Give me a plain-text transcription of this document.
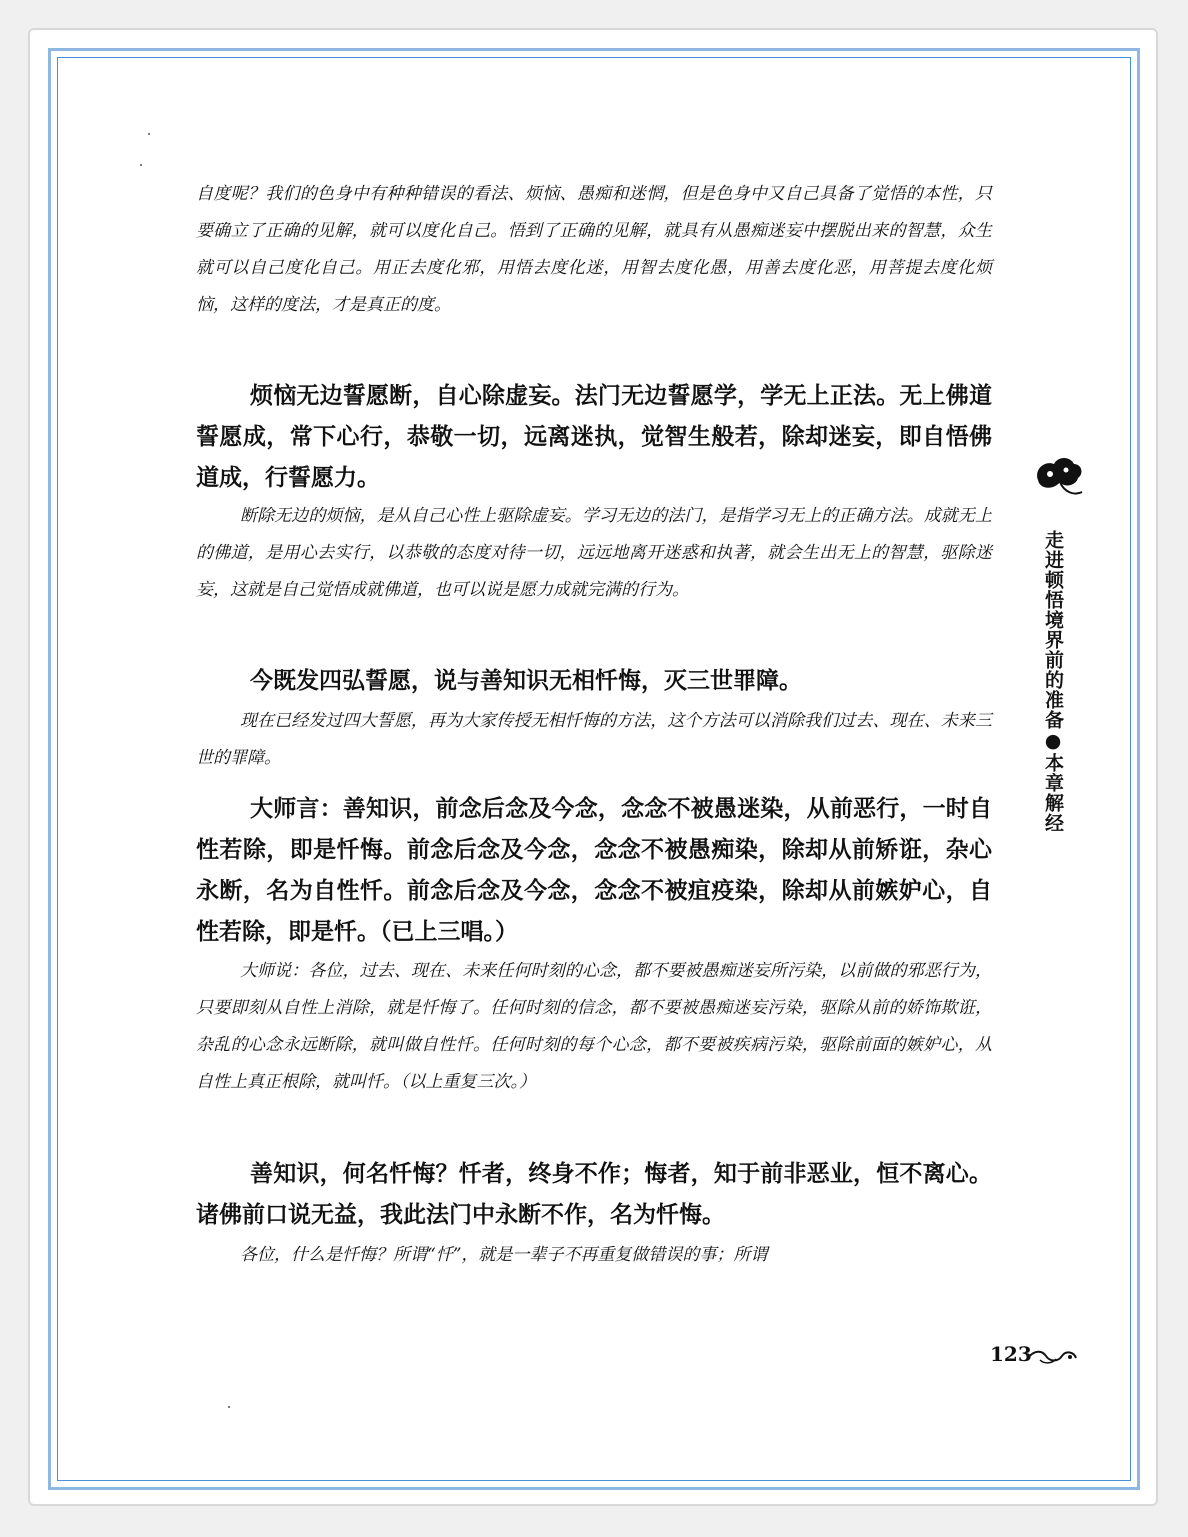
自度呢？我们的色身中有种种错误的看法、烦恼、愚痴和迷惘，但是色身中又自己具备了觉悟的本性，只要确立了正确的见解，就可以度化自己。悟到了正确的见解，就具有从愚痴迷妄中摆脱出来的智慧，众生就可以自己度化自己。用正去度化邪，用悟去度化迷，用智去度化愚，用善去度化恶，用菩提去度化烦恼，这样的度法，才是真正的度。

烦恼无边誓愿断，自心除虚妄。法门无边誓愿学，学无上正法。无上佛道誓愿成，常下心行，恭敬一切，远离迷执，觉智生般若，除却迷妄，即自悟佛道成，行誓愿力。

断除无边的烦恼，是从自己心性上驱除虚妄。学习无边的法门，是指学习无上的正确方法。成就无上的佛道，是用心去实行，以恭敬的态度对待一切，远远地离开迷惑和执著，就会生出无上的智慧，驱除迷妄，这就是自己觉悟成就佛道，也可以说是愿力成就完满的行为。

今既发四弘誓愿，说与善知识无相忏悔，灭三世罪障。

现在已经发过四大誓愿，再为大家传授无相忏悔的方法，这个方法可以消除我们过去、现在、未来三世的罪障。

大师言：善知识，前念后念及今念，念念不被愚迷染，从前恶行，一时自性若除，即是忏悔。前念后念及今念，念念不被愚痴染，除却从前矫诳，杂心永断，名为自性忏。前念后念及今念，念念不被疽疫染，除却从前嫉妒心，自性若除，即是忏。（已上三唱。）

大师说：各位，过去、现在、未来任何时刻的心念，都不要被愚痴迷妄所污染，以前做的邪恶行为，只要即刻从自性上消除，就是忏悔了。任何时刻的信念，都不要被愚痴迷妄污染，驱除从前的娇饰欺诳，杂乱的心念永远断除，就叫做自性忏。任何时刻的每个心念，都不要被疾病污染，驱除前面的嫉妒心，从自性上真正根除，就叫忏。（以上重复三次。）

善知识，何名忏悔？忏者，终身不作；悔者，知于前非恶业，恒不离心。诸佛前口说无益，我此法门中永断不作，名为忏悔。

各位，什么是忏悔？所谓“忏”，就是一辈子不再重复做错误的事；所谓

走进顿悟境界前的准备●本章解经
123
